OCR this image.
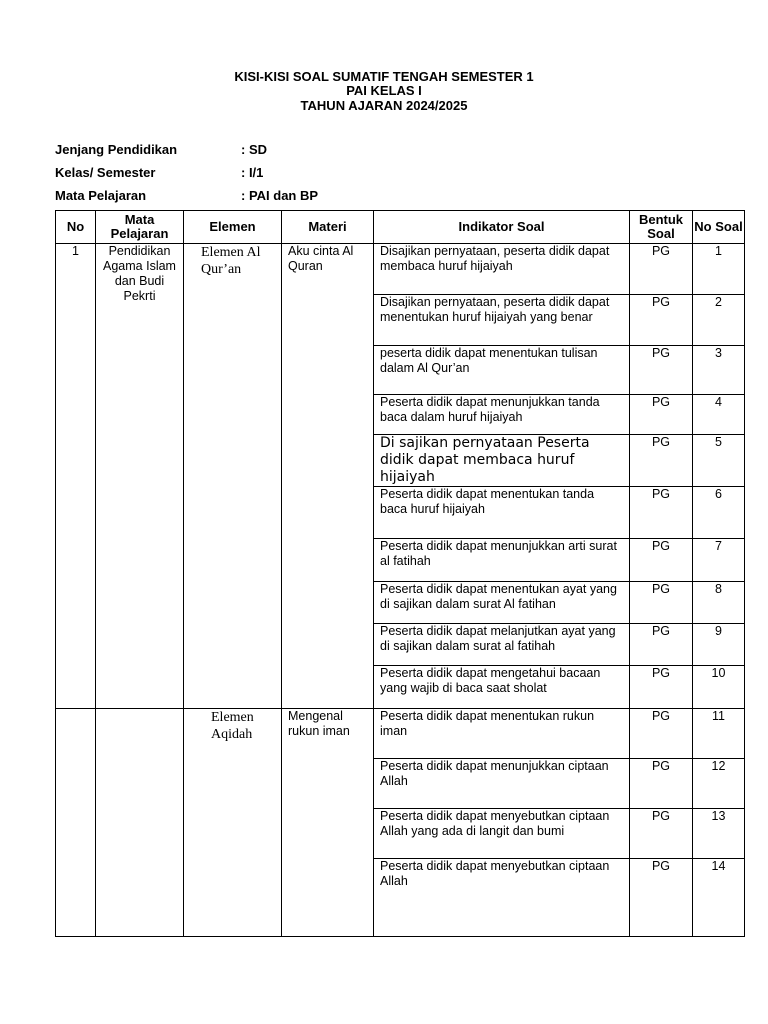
KISI-KISI SOAL SUMATIF TENGAH SEMESTER 1
PAI KELAS I
TAHUN AJARAN 2024/2025
Jenjang Pendidikan	: SD
Kelas/ Semester	: I/1
Mata Pelajaran	: PAI dan BP
No	Mata Pelajaran	Elemen	Materi	Indikator Soal	Bentuk Soal	No Soal
1	Pendidikan Agama Islam dan Budi Pekrti	Elemen Al Qur’an	Aku cinta Al Quran	Disajikan pernyataan, peserta didik dapat membaca huruf hijaiyah	PG	1
				Disajikan pernyataan, peserta didik dapat menentukan huruf hijaiyah yang benar	PG	2
				peserta didik dapat menentukan tulisan dalam Al Qur’an	PG	3
				Peserta didik dapat menunjukkan tanda baca dalam huruf hijaiyah	PG	4
				Di sajikan pernyataan Peserta didik dapat membaca huruf hijaiyah	PG	5
				Peserta didik dapat menentukan tanda baca huruf hijaiyah	PG	6
				Peserta didik dapat menunjukkan arti surat al fatihah	PG	7
				Peserta didik dapat menentukan ayat yang di sajikan dalam surat Al fatihan	PG	8
				Peserta didik dapat melanjutkan ayat yang di sajikan dalam surat al fatihah	PG	9
				Peserta didik dapat mengetahui bacaan yang wajib di baca saat sholat	PG	10
		Elemen Aqidah	Mengenal rukun iman	Peserta didik dapat menentukan rukun iman	PG	11
				Peserta didik dapat menunjukkan ciptaan Allah	PG	12
				Peserta didik dapat menyebutkan ciptaan Allah yang ada di langit dan bumi	PG	13
				Peserta didik dapat menyebutkan ciptaan Allah	PG	14
